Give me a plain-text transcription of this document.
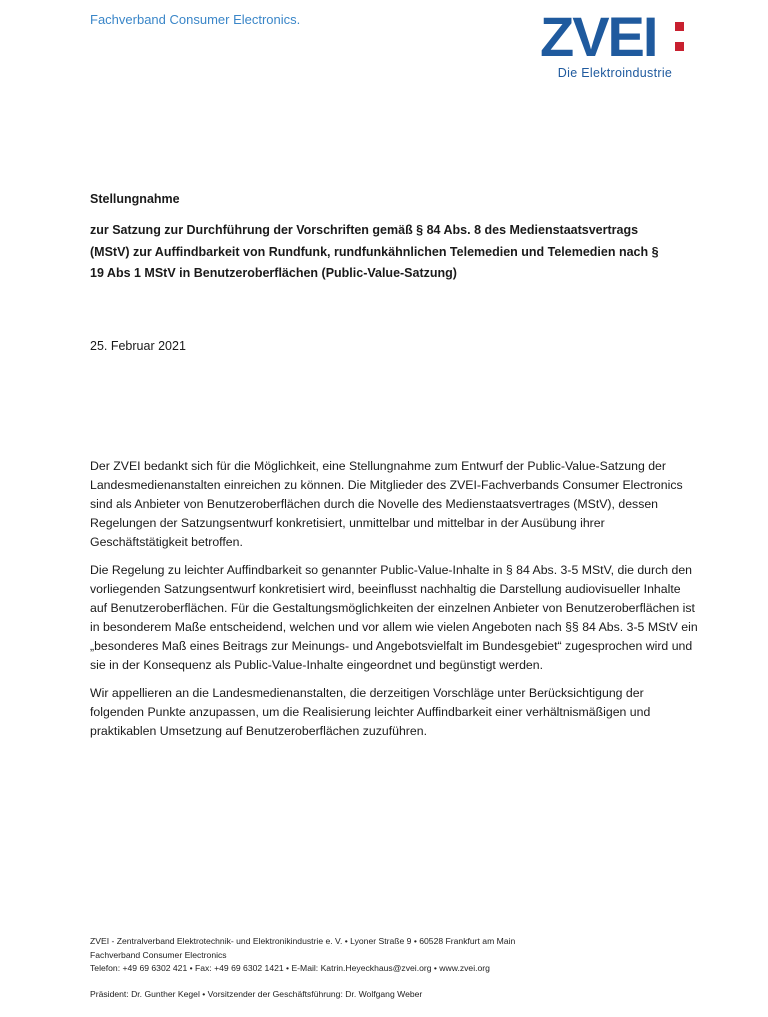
Fachverband Consumer Electronics.	ZVEI
Die Elektroindustrie
Stellungnahme
zur Satzung zur Durchführung der Vorschriften gemäß § 84 Abs. 8 des Medienstaatsvertrags (MStV) zur Auffindbarkeit von Rundfunk, rundfunkähnlichen Telemedien und Telemedien nach § 19 Abs 1 MStV in Benutzeroberflächen (Public-Value-Satzung)
25. Februar 2021

Der ZVEI bedankt sich für die Möglichkeit, eine Stellungnahme zum Entwurf der Public-Value-Satzung der Landesmedienanstalten einreichen zu können. Die Mitglieder des ZVEI-Fachverbands Consumer Electronics sind als Anbieter von Benutzeroberflächen durch die Novelle des Medienstaatsvertrages (MStV), dessen Regelungen der Satzungsentwurf konkretisiert, unmittelbar und mittelbar in der Ausübung ihrer Geschäftstätigkeit betroffen.

Die Regelung zu leichter Auffindbarkeit so genannter Public-Value-Inhalte in § 84 Abs. 3-5 MStV, die durch den vorliegenden Satzungsentwurf konkretisiert wird, beeinflusst nachhaltig die Darstellung audiovisueller Inhalte auf Benutzeroberflächen. Für die Gestaltungsmöglichkeiten der einzelnen Anbieter von Benutzeroberflächen ist in besonderem Maße entscheidend, welchen und vor allem wie vielen Angeboten nach §§ 84 Abs. 3-5 MStV ein „besonderes Maß eines Beitrags zur Meinungs- und Angebotsvielfalt im Bundesgebiet“ zugesprochen wird und sie in der Konsequenz als Public-Value-Inhalte eingeordnet und begünstigt werden.

Wir appellieren an die Landesmedienanstalten, die derzeitigen Vorschläge unter Berücksichtigung der folgenden Punkte anzupassen, um die Realisierung leichter Auffindbarkeit einer verhältnismäßigen und praktikablen Umsetzung auf Benutzeroberflächen zuzuführen.

ZVEI - Zentralverband Elektrotechnik- und Elektronikindustrie e. V. • Lyoner Straße 9 • 60528 Frankfurt am Main
Fachverband Consumer Electronics
Telefon: +49 69 6302 421 • Fax: +49 69 6302 1421 • E-Mail: Katrin.Heyeckhaus@zvei.org • www.zvei.org
Präsident: Dr. Gunther Kegel • Vorsitzender der Geschäftsführung: Dr. Wolfgang Weber
